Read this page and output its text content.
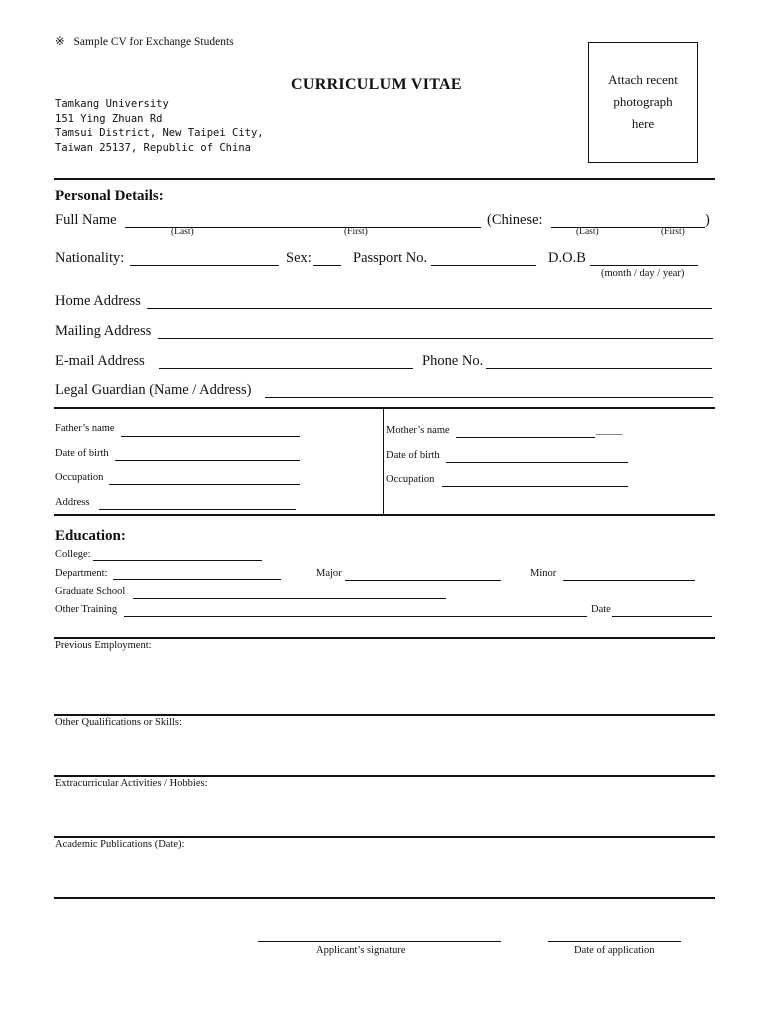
※ Sample CV for Exchange Students
CURRICULUM VITAE
Tamkang University
151 Ying Zhuan Rd
Tamsui District, New Taipei City,
Taiwan 25137, Republic of China
Attach recent
photograph
here
Personal Details:
Full Name
(Last)	(First)
(Chinese:	)
(Last)	(First)
Nationality:	Sex:	Passport No.	D.O.B
(month / day / year)
Home Address
Mailing Address
E-mail Address	Phone No.
Legal Guardian (Name / Address)
Father’s name
Date of birth
Occupation
Address
Mother’s name	_____
Date of birth
Occupation
Education:
College:
Department:	Major	Minor
Graduate School
Other Training	Date
Previous Employment:
Other Qualifications or Skills:
Extracurricular Activities / Hobbies:
Academic Publications (Date):
Applicant’s signature	Date of application
